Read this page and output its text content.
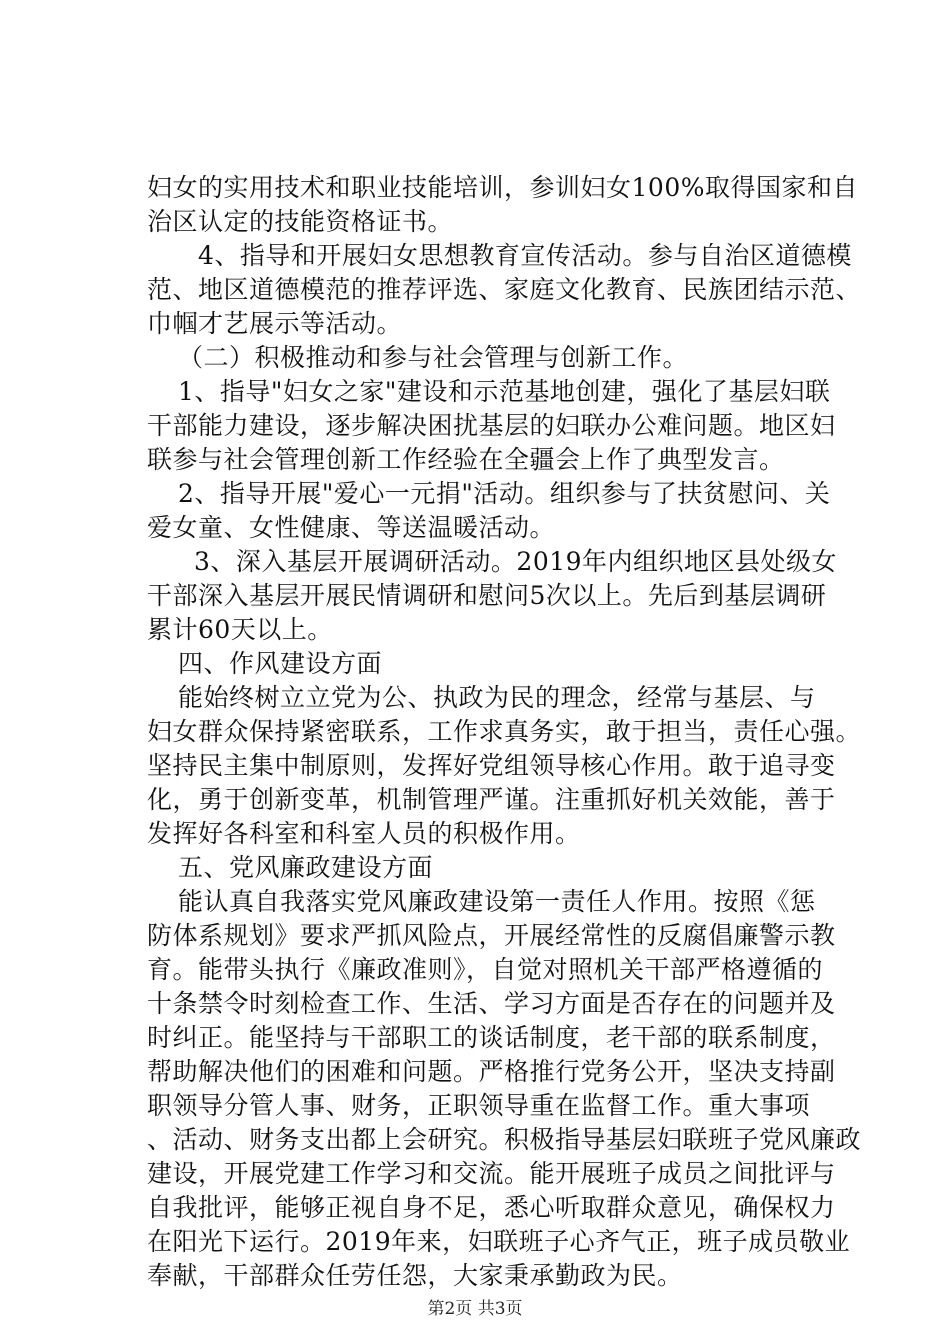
妇女的实用技术和职业技能培训，参训妇女100%取得国家和自
治区认定的技能资格证书。
4、指导和开展妇女思想教育宣传活动。参与自治区道德模
范、地区道德模范的推荐评选、家庭文化教育、民族团结示范、
巾帼才艺展示等活动。
（二）积极推动和参与社会管理与创新工作。
1、指导"妇女之家"建设和示范基地创建，强化了基层妇联
干部能力建设，逐步解决困扰基层的妇联办公难问题。地区妇
联参与社会管理创新工作经验在全疆会上作了典型发言。
2、指导开展"爱心一元捐"活动。组织参与了扶贫慰问、关
爱女童、女性健康、等送温暖活动。
3、深入基层开展调研活动。2019年内组织地区县处级女
干部深入基层开展民情调研和慰问5次以上。先后到基层调研
累计60天以上。
四、作风建设方面
能始终树立立党为公、执政为民的理念，经常与基层、与
妇女群众保持紧密联系，工作求真务实，敢于担当，责任心强。
坚持民主集中制原则，发挥好党组领导核心作用。敢于追寻变
化，勇于创新变革，机制管理严谨。注重抓好机关效能，善于
发挥好各科室和科室人员的积极作用。
五、党风廉政建设方面
能认真自我落实党风廉政建设第一责任人作用。按照《惩
防体系规划》要求严抓风险点，开展经常性的反腐倡廉警示教
育。能带头执行《廉政准则》，自觉对照机关干部严格遵循的
十条禁令时刻检查工作、生活、学习方面是否存在的问题并及
时纠正。能坚持与干部职工的谈话制度，老干部的联系制度，
帮助解决他们的困难和问题。严格推行党务公开，坚决支持副
职领导分管人事、财务，正职领导重在监督工作。重大事项
、活动、财务支出都上会研究。积极指导基层妇联班子党风廉政
建设，开展党建工作学习和交流。能开展班子成员之间批评与
自我批评，能够正视自身不足，悉心听取群众意见，确保权力
在阳光下运行。2019年来，妇联班子心齐气正，班子成员敬业
奉献，干部群众任劳任怨，大家秉承勤政为民。
第2页 共3页
